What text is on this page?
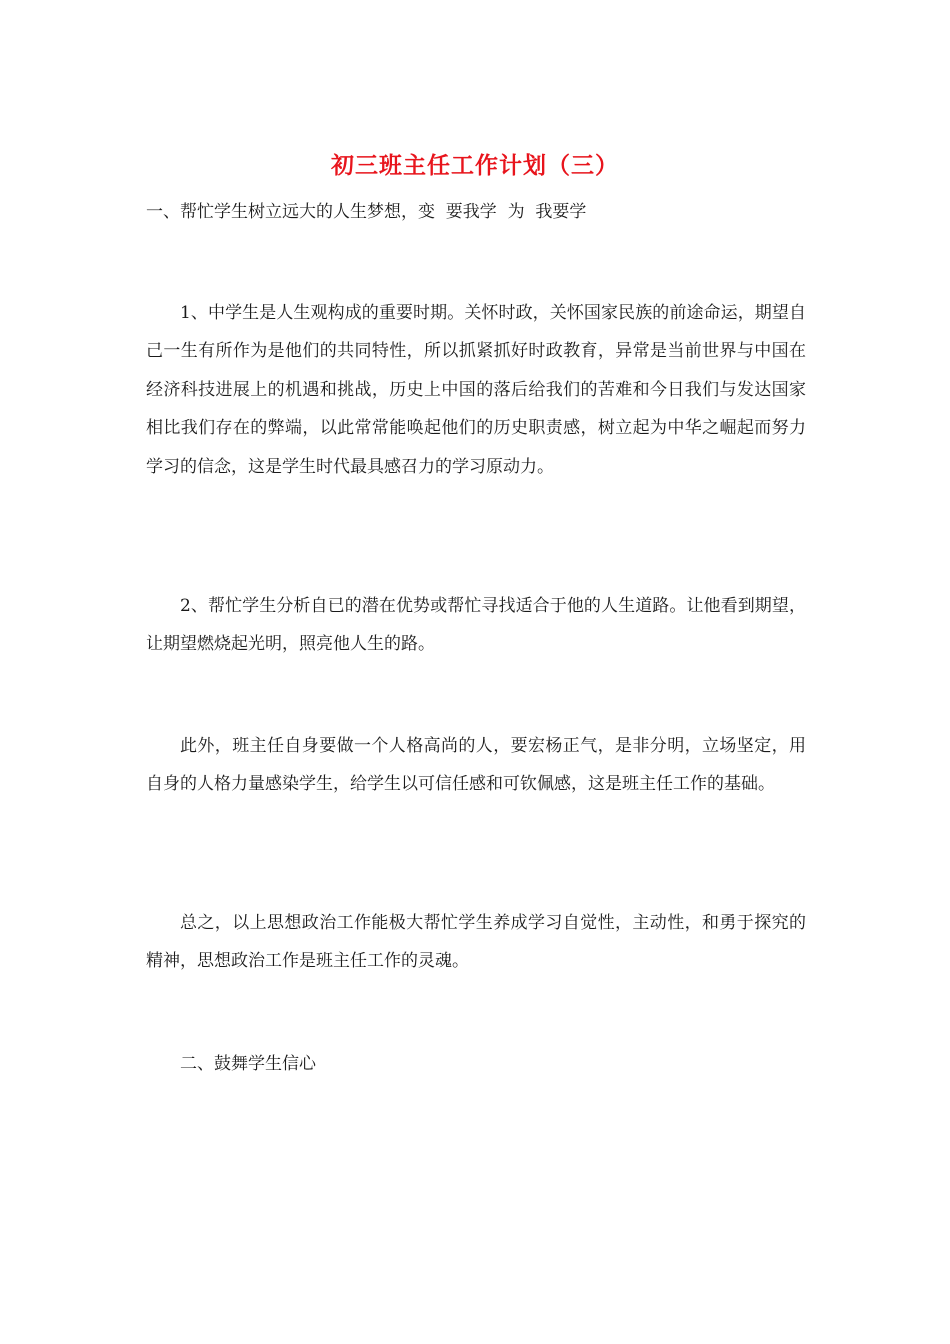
初三班主任工作计划（三）

一、帮忙学生树立远大的人生梦想，变  要我学  为  我要学

1、中学生是人生观构成的重要时期。关怀时政，关怀国家民族的前途命运，期望自己一生有所作为是他们的共同特性，所以抓紧抓好时政教育，异常是当前世界与中国在经济科技进展上的机遇和挑战，历史上中国的落后给我们的苦难和今日我们与发达国家相比我们存在的弊端，以此常常能唤起他们的历史职责感，树立起为中华之崛起而努力学习的信念，这是学生时代最具感召力的学习原动力。

2、帮忙学生分析自已的潜在优势或帮忙寻找适合于他的人生道路。让他看到期望，让期望燃烧起光明，照亮他人生的路。

此外，班主任自身要做一个人格高尚的人，要宏杨正气，是非分明，立场坚定，用自身的人格力量感染学生，给学生以可信任感和可钦佩感，这是班主任工作的基础。

总之，以上思想政治工作能极大帮忙学生养成学习自觉性，主动性，和勇于探究的精神，思想政治工作是班主任工作的灵魂。

二、鼓舞学生信心
